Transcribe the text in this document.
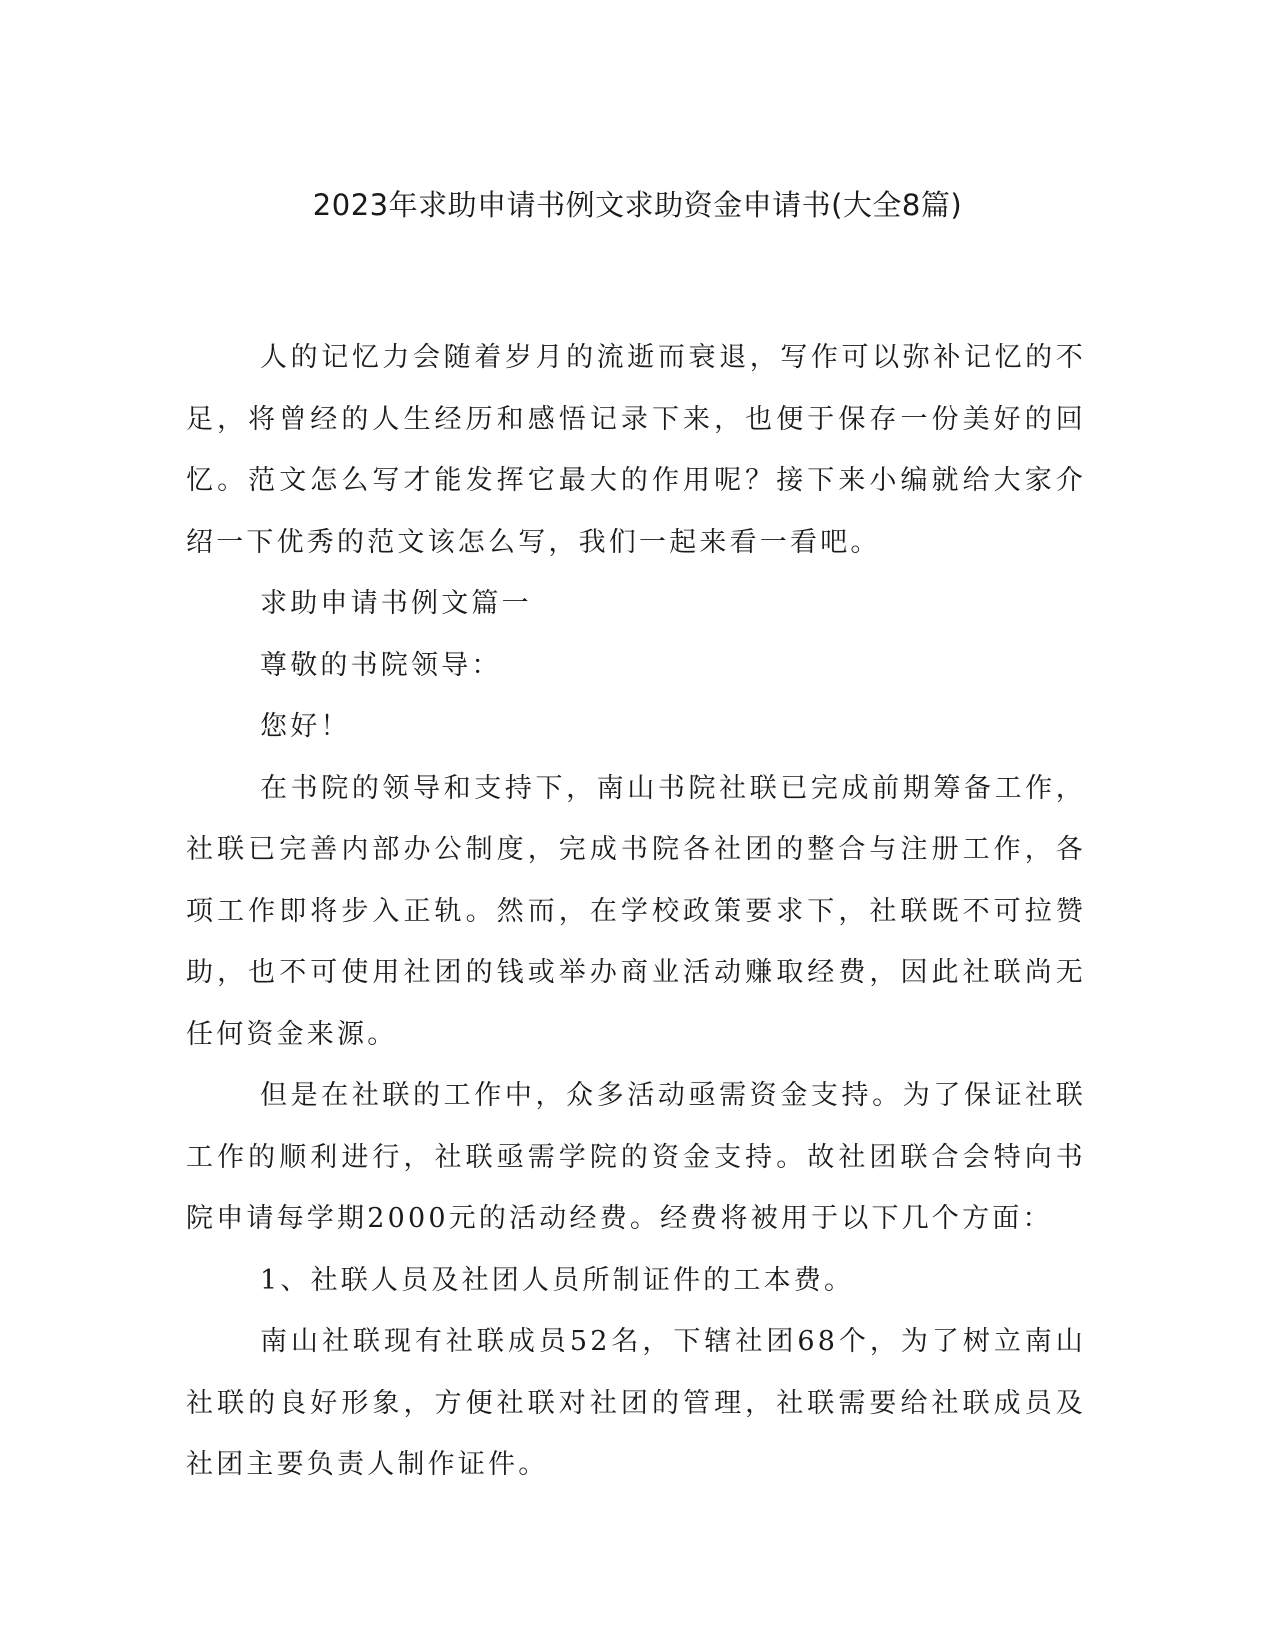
2023年求助申请书例文求助资金申请书(大全8篇)

人的记忆力会随着岁月的流逝而衰退，写作可以弥补记忆的不足，将曾经的人生经历和感悟记录下来，也便于保存一份美好的回忆。范文怎么写才能发挥它最大的作用呢？接下来小编就给大家介绍一下优秀的范文该怎么写，我们一起来看一看吧。

求助申请书例文篇一

尊敬的书院领导：

您好！

在书院的领导和支持下，南山书院社联已完成前期筹备工作，社联已完善内部办公制度，完成书院各社团的整合与注册工作，各项工作即将步入正轨。然而，在学校政策要求下，社联既不可拉赞助，也不可使用社团的钱或举办商业活动赚取经费，因此社联尚无任何资金来源。

但是在社联的工作中，众多活动亟需资金支持。为了保证社联工作的顺利进行，社联亟需学院的资金支持。故社团联合会特向书院申请每学期2000元的活动经费。经费将被用于以下几个方面：

1、社联人员及社团人员所制证件的工本费。

南山社联现有社联成员52名，下辖社团68个，为了树立南山社联的良好形象，方便社联对社团的管理，社联需要给社联成员及社团主要负责人制作证件。
